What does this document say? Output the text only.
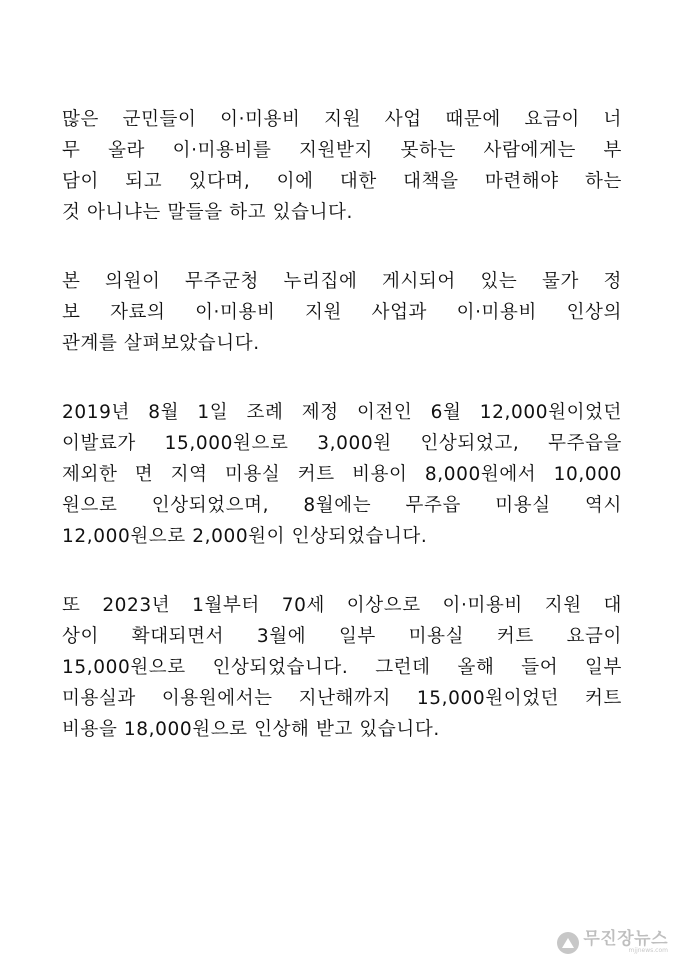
많은 군민들이 이·미용비 지원 사업 때문에 요금이 너
무 올라 이·미용비를 지원받지 못하는 사람에게는 부
담이 되고 있다며, 이에 대한 대책을 마련해야 하는
것 아니냐는 말들을 하고 있습니다.
본 의원이 무주군청 누리집에 게시되어 있는 물가 정
보 자료의 이·미용비 지원 사업과 이·미용비 인상의
관계를 살펴보았습니다.
2019년 8월 1일 조례 제정 이전인 6월 12,000원이었던
이발료가 15,000원으로 3,000원 인상되었고, 무주읍을
제외한 면 지역 미용실 커트 비용이 8,000원에서 10,000
원으로 인상되었으며, 8월에는 무주읍 미용실 역시
12,000원으로 2,000원이 인상되었습니다.
또 2023년 1월부터 70세 이상으로 이·미용비 지원 대
상이 확대되면서 3월에 일부 미용실 커트 요금이
15,000원으로 인상되었습니다. 그런데 올해 들어 일부
미용실과 이용원에서는 지난해까지 15,000원이었던 커트
비용을 18,000원으로 인상해 받고 있습니다.
무진장뉴스
mjjnews.com
